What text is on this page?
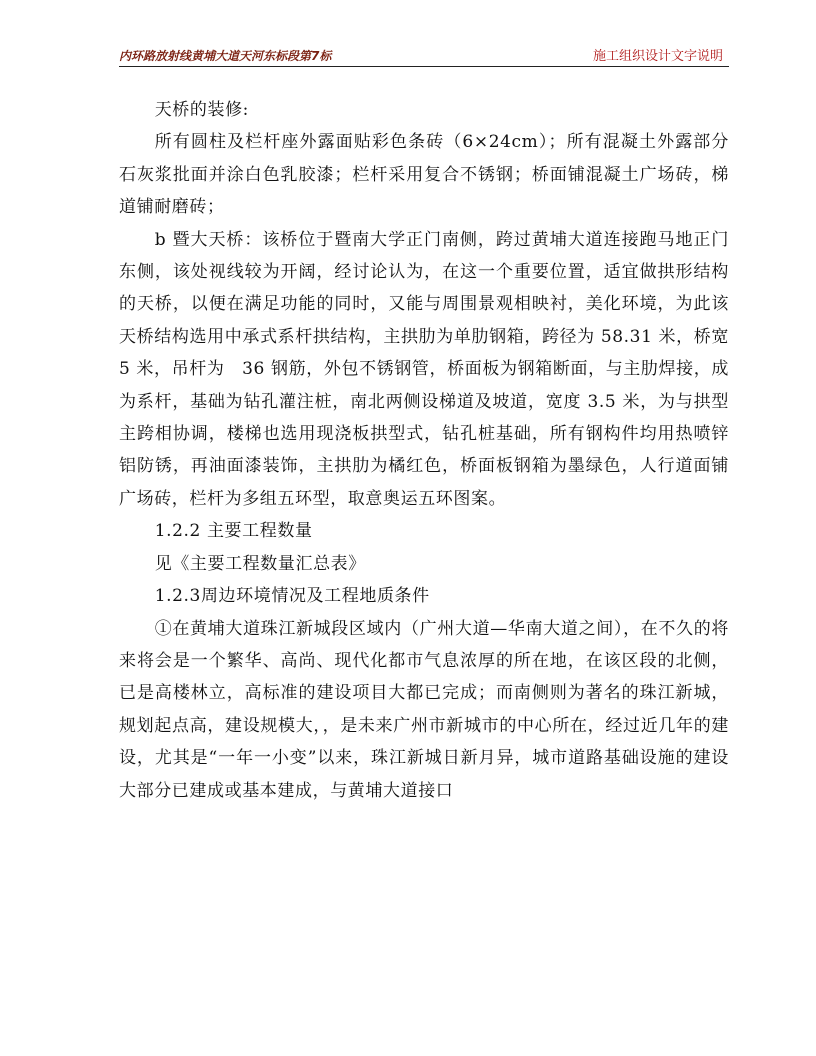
内环路放射线黄埔大道天河东标段第7标	施工组织设计文字说明

天桥的装修:

所有圆柱及栏杆座外露面贴彩色条砖（6×24cm）；所有混凝土外露部分石灰浆批面并涂白色乳胶漆；栏杆采用复合不锈钢；桥面铺混凝土广场砖，梯道铺耐磨砖；

b 暨大天桥：该桥位于暨南大学正门南侧，跨过黄埔大道连接跑马地正门东侧，该处视线较为开阔，经讨论认为，在这一个重要位置，适宜做拱形结构的天桥，以便在满足功能的同时，又能与周围景观相映衬，美化环境，为此该天桥结构选用中承式系杆拱结构，主拱肋为单肋钢箱，跨径为 58.31 米，桥宽 5 米，吊杆为　36 钢筋，外包不锈钢管，桥面板为钢箱断面，与主肋焊接，成为系杆，基础为钻孔灌注桩，南北两侧设梯道及坡道，宽度 3.5 米，为与拱型主跨相协调，楼梯也选用现浇板拱型式，钻孔桩基础，所有钢构件均用热喷锌铝防锈，再油面漆装饰，主拱肋为橘红色，桥面板钢箱为墨绿色，人行道面铺广场砖，栏杆为多组五环型，取意奥运五环图案。

1.2.2 主要工程数量

见《主要工程数量汇总表》

1.2.3周边环境情况及工程地质条件

①在黄埔大道珠江新城段区域内（广州大道—华南大道之间），在不久的将来将会是一个繁华、高尚、现代化都市气息浓厚的所在地，在该区段的北侧，已是高楼林立，高标准的建设项目大都已完成；而南侧则为著名的珠江新城，规划起点高，建设规模大，，是未来广州市新城市的中心所在，经过近几年的建设，尤其是“一年一小变”以来，珠江新城日新月异，城市道路基础设施的建设大部分已建成或基本建成，与黄埔大道接口
